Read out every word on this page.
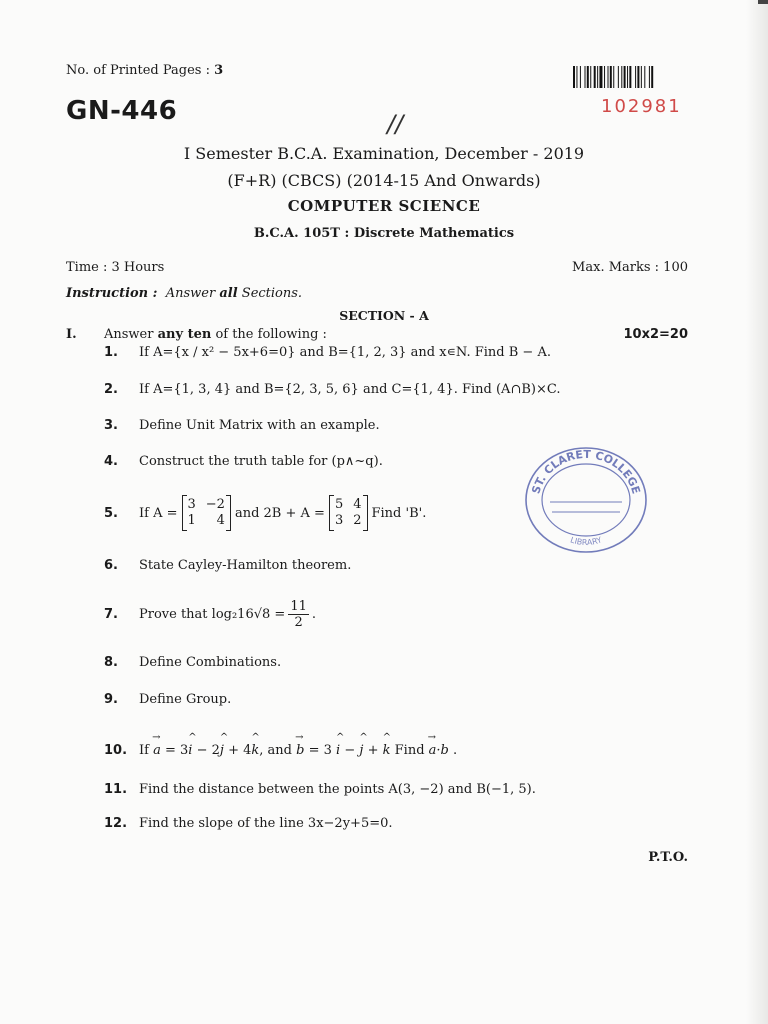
No. of Printed Pages : 3
GN-446	//
102981
I Semester B.C.A. Examination, December - 2019
(F+R) (CBCS) (2014-15 And Onwards)
COMPUTER SCIENCE
B.C.A. 105T : Discrete Mathematics
Time : 3 Hours	Max. Marks : 100
Instruction : Answer all Sections.
SECTION - A
I. Answer any ten of the following :	10x2=20
1.	If A={x / x² − 5x+6=0} and B={1, 2, 3} and x∊N. Find B − A.
2.	If A={1, 3, 4} and B={2, 3, 5, 6} and C={1, 4}. Find (A∩B)×C.
3.	Define Unit Matrix with an example.
4.	Construct the truth table for (p∧~q).
5.	If A =
3 −2
1	4 and 2B + A =
5 4
3 2 Find 'B'.
6.	State Cayley-Hamilton theorem.
7.	Prove that $\log_216√8 = \frac{11}{2}$ .
8.	Define Combinations.
9.	Define Group.
10. If
→ a
= 3 ^ i
− 2 ^ j
+ 4 ^ k , and
→ b
= 3
^ i
−
^ j
+
^ k
Find
→ a·b
.
11. Find the distance between the points A(3, −2) and B(−1, 5).
12. Find the slope of the line 3x−2y+5=0.
P.T.O.
ST. CLARET COLLEGE
LIBRARY
